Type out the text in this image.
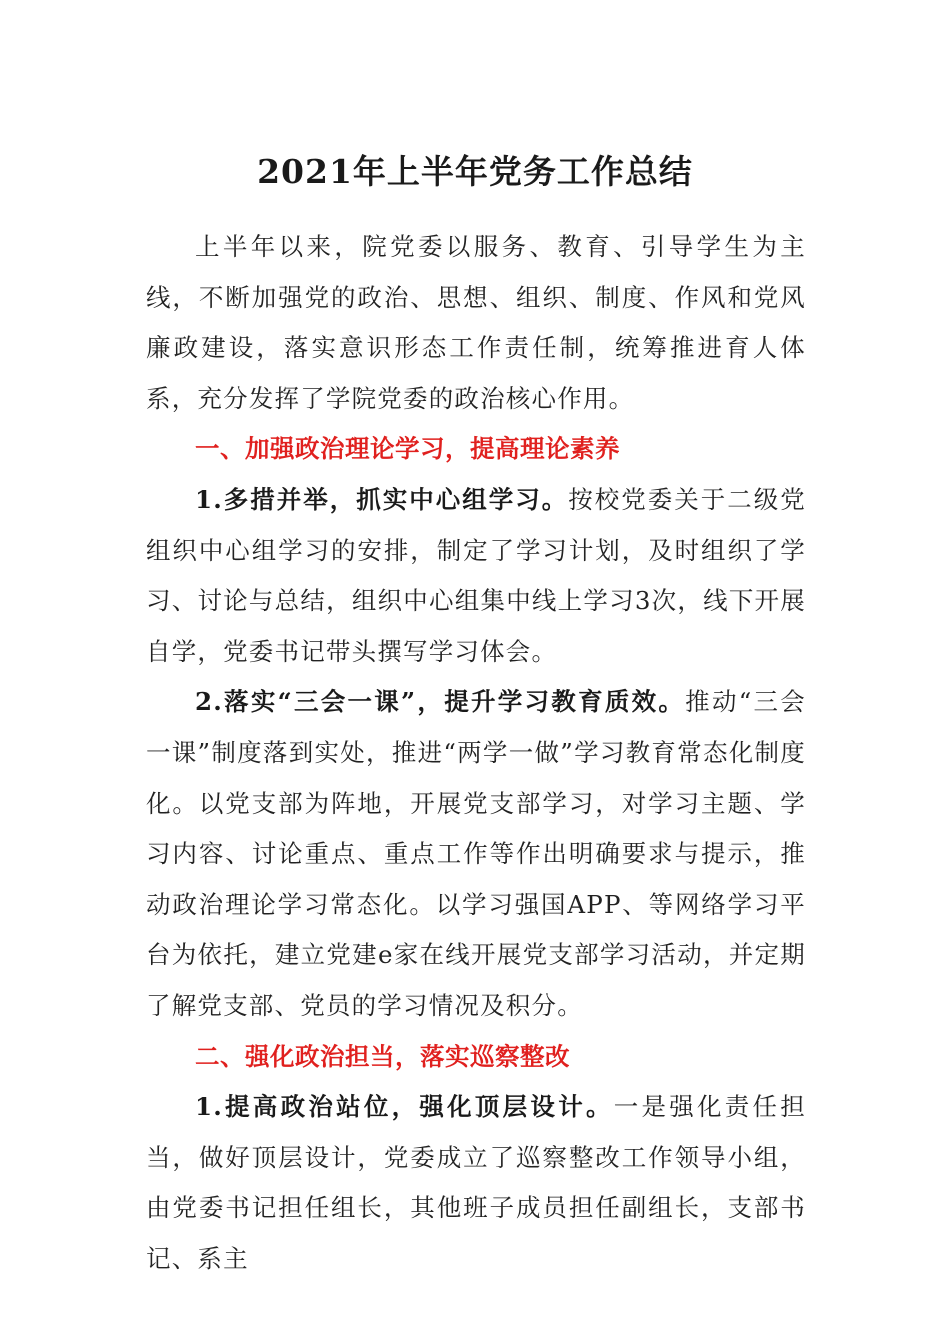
2021年上半年党务工作总结

上半年以来，院党委以服务、教育、引导学生为主线，不断加强党的政治、思想、组织、制度、作风和党风廉政建设，落实意识形态工作责任制，统筹推进育人体系，充分发挥了学院党委的政治核心作用。

一、加强政治理论学习，提高理论素养

1.多措并举，抓实中心组学习。按校党委关于二级党组织中心组学习的安排，制定了学习计划，及时组织了学习、讨论与总结，组织中心组集中线上学习3次，线下开展自学，党委书记带头撰写学习体会。

2.落实“三会一课”，提升学习教育质效。推动“三会一课”制度落到实处，推进“两学一做”学习教育常态化制度化。以党支部为阵地，开展党支部学习，对学习主题、学习内容、讨论重点、重点工作等作出明确要求与提示，推动政治理论学习常态化。以学习强国APP、等网络学习平台为依托，建立党建e家在线开展党支部学习活动，并定期了解党支部、党员的学习情况及积分。

二、强化政治担当，落实巡察整改

1.提高政治站位，强化顶层设计。一是强化责任担当，做好顶层设计，党委成立了巡察整改工作领导小组，由党委书记担任组长，其他班子成员担任副组长，支部书记、系主
